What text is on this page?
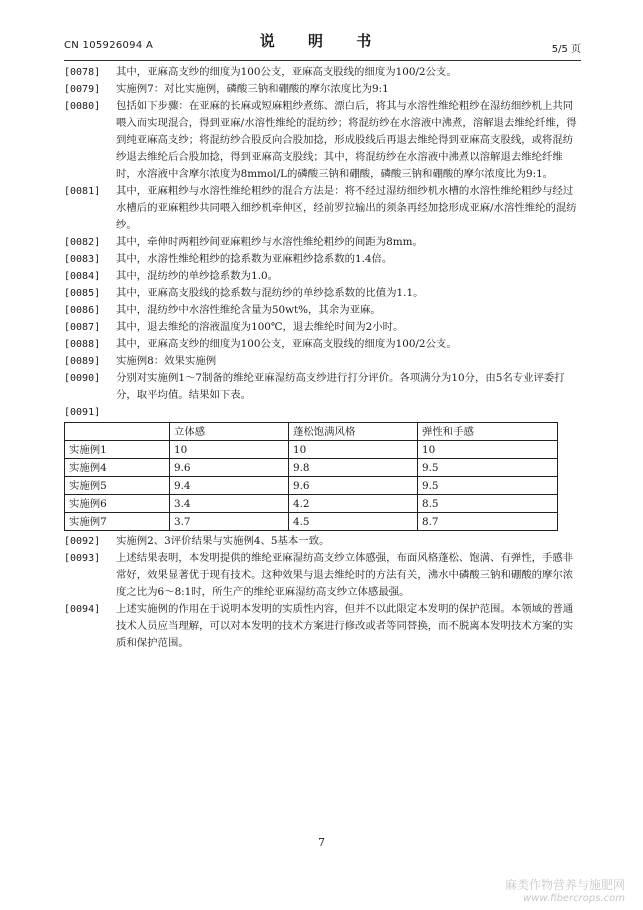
CN 105926094 A	说 明 书	5/5 页
[0078]	其中，亚麻高支纱的细度为100公支，亚麻高支股线的细度为100/2公支。
[0079]	实施例7：对比实施例，磷酸三钠和硼酸的摩尔浓度比为9:1
[0080]	包括如下步骤：在亚麻的长麻或短麻粗纱煮练、漂白后，将其与水溶性维纶粗纱在湿纺细纱机上共同喂入而实现混合，得到亚麻/水溶性维纶的混纺纱；将混纺纱在水溶液中沸煮，溶解退去维纶纤维，得到纯亚麻高支纱；将混纺纱合股反向合股加捻，形成股线后再退去维纶得到亚麻高支股线，或将混纺纱退去维纶后合股加捻，得到亚麻高支股线；其中，将混纺纱在水溶液中沸煮以溶解退去维纶纤维时，水溶液中含摩尔浓度为8mmol/L的磷酸三钠和硼酸，磷酸三钠和硼酸的摩尔浓度比为9:1。
[0081]	其中，亚麻粗纱与水溶性维纶粗纱的混合方法是：将不经过湿纺细纱机水槽的水溶性维纶粗纱与经过水槽后的亚麻粗纱共同喂入细纱机牵伸区，经前罗拉输出的须条再经加捻形成亚麻/水溶性维纶的混纺纱。
[0082]	其中，牵伸时两粗纱间亚麻粗纱与水溶性维纶粗纱的间距为8mm。
[0083]	其中，水溶性维纶粗纱的捻系数为亚麻粗纱捻系数的1.4倍。
[0084]	其中，混纺纱的单纱捻系数为1.0。
[0085]	其中，亚麻高支股线的捻系数与混纺纱的单纱捻系数的比值为1.1。
[0086]	其中，混纺纱中水溶性维纶含量为50wt%，其余为亚麻。
[0087]	其中，退去维纶的溶液温度为100℃，退去维纶时间为2小时。
[0088]	其中，亚麻高支纱的细度为100公支，亚麻高支股线的细度为100/2公支。
[0089]	实施例8：效果实施例
[0090]	分别对实施例1～7制备的维纶亚麻湿纺高支纱进行打分评价。各项满分为10分，由5名专业评委打分，取平均值。结果如下表。
[0091]
	立体感	蓬松饱满风格	弹性和手感
实施例1	10	10	10
实施例4	9.6	9.8	9.5
实施例5	9.4	9.6	9.5
实施例6	3.4	4.2	8.5
实施例7	3.7	4.5	8.7
[0092]	实施例2、3评价结果与实施例4、5基本一致。
[0093]	上述结果表明，本发明提供的维纶亚麻湿纺高支纱立体感强，布面风格蓬松、饱满、有弹性，手感非常好，效果显著优于现有技术。这种效果与退去维纶时的方法有关，沸水中磷酸三钠和硼酸的摩尔浓度之比为6～8:1时，所生产的维纶亚麻湿纺高支纱立体感最强。
[0094]	上述实施例的作用在于说明本发明的实质性内容，但并不以此限定本发明的保护范围。本领域的普通技术人员应当理解，可以对本发明的技术方案进行修改或者等同替换，而不脱离本发明技术方案的实质和保护范围。
7
麻类作物营养与施肥网
www.fibercrops.com
